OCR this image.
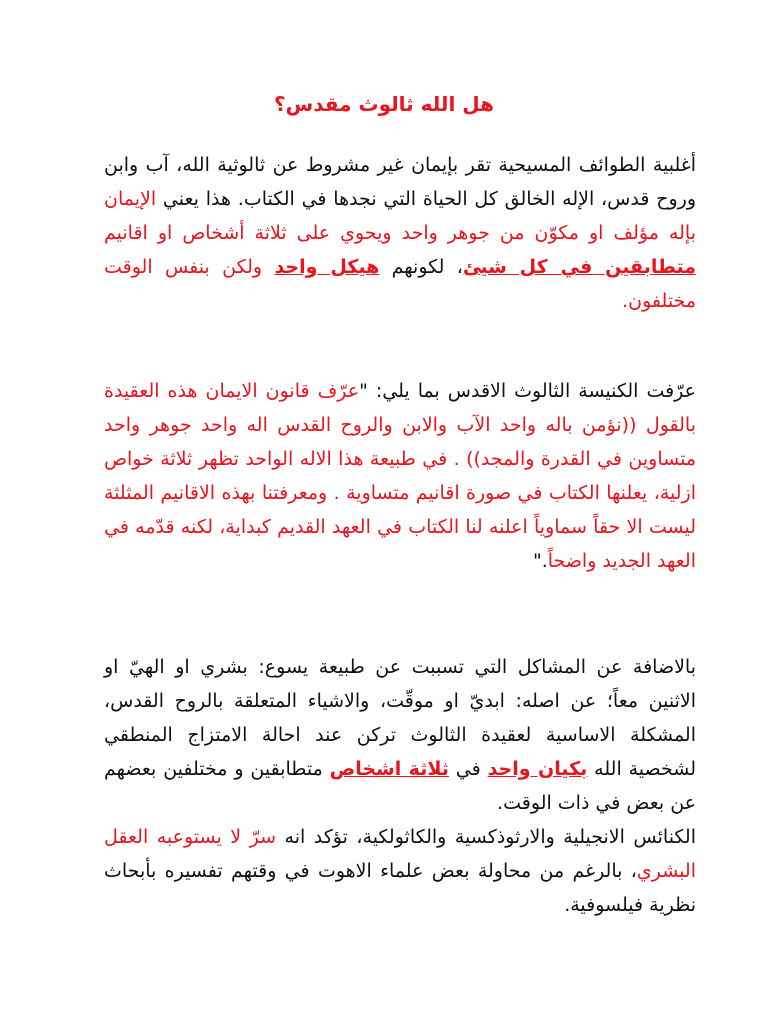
هل الله ثالوث مقدس؟

أغلبية الطوائف المسيحية تقر بإيمان غير مشروط عن ثالوثية الله، آب وابن وروح قدس، الإله الخالق كل الحياة التي نجدها في الكتاب. هذا يعني الإيمان بإله مؤلف او مكوّن من جوهر واحد ويحوي على ثلاثة أشخاص او اقانيم متطابقين في كل شيئ، لكونهم هيكل واحد ولكن بنفس الوقت مختلفون.

عرّفت الكنيسة الثالوث الاقدس بما يلي: "عرّف قانون الايمان هذه العقيدة بالقول ((نؤمن باله واحد الآب والابن والروح القدس اله واحد جوهر واحد متساوين في القدرة والمجد)) . في طبيعة هذا الاله الواحد تظهر ثلاثة خواص ازلية، يعلنها الكتاب في صورة اقانيم متساوية . ومعرفتنا بهذه الاقانيم المثلثة ليست الا حقاً سماوياً اعلنه لنا الكتاب في العهد القديم كبداية، لكنه قدّمه في العهد الجديد واضحاً."

بالاضافة عن المشاكل التي تسببت عن طبيعة يسوع: بشري او الهيّ او الاثنين معاً؛ عن اصله: ابديّ او موقّت، والاشياء المتعلقة بالروح القدس، المشكلة الاساسية لعقيدة الثالوث تركن عند احالة الامتزاج المنطقي لشخصية الله بكيان واحد في ثلاثة اشخاص متطابقين و مختلفين بعضهم عن بعض في ذات الوقت.
الكنائس الانجيلية والارثوذكسية والكاثولكية، تؤكد انه سرّ لا يستوعبه العقل البشري، بالرغم من محاولة بعض علماء الاهوت في وقتهم تفسيره بأبحاث نظرية فيلسوفية.
